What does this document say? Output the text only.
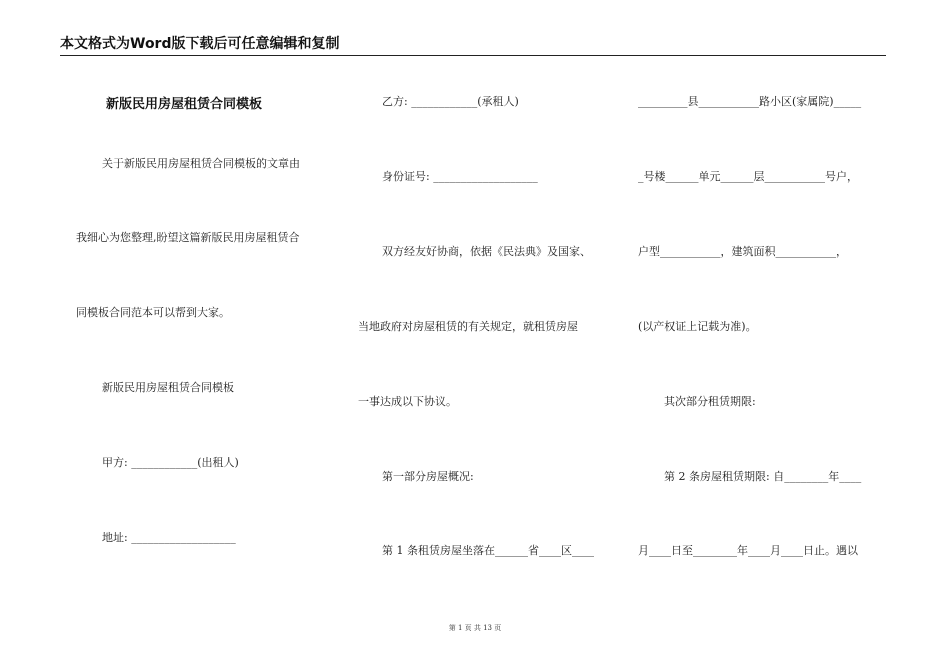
本文格式为Word版下载后可任意编辑和复制
新版民用房屋租赁合同模板
关于新版民用房屋租赁合同模板的文章由
我细心为您整理,盼望这篇新版民用房屋租赁合
同模板合同范本可以帮到大家。
新版民用房屋租赁合同模板
甲方: ____________(出租人)
地址: ___________________
乙方: ____________(承租人)
身份证号: ___________________
双方经友好协商，依据《民法典》及国家、
当地政府对房屋租赁的有关规定，就租赁房屋
一事达成以下协议。
第一部分房屋概况:
第 1 条租赁房屋坐落在______省____区____
_________县___________路小区(家属院)_____
_号楼______单元______层___________号户，
户型___________，建筑面积___________，
(以产权证上记载为准)。
其次部分租赁期限:
第 2 条房屋租赁期限: 自________年____
月____日至________年____月____日止。遇以
第 1 页 共 13 页
